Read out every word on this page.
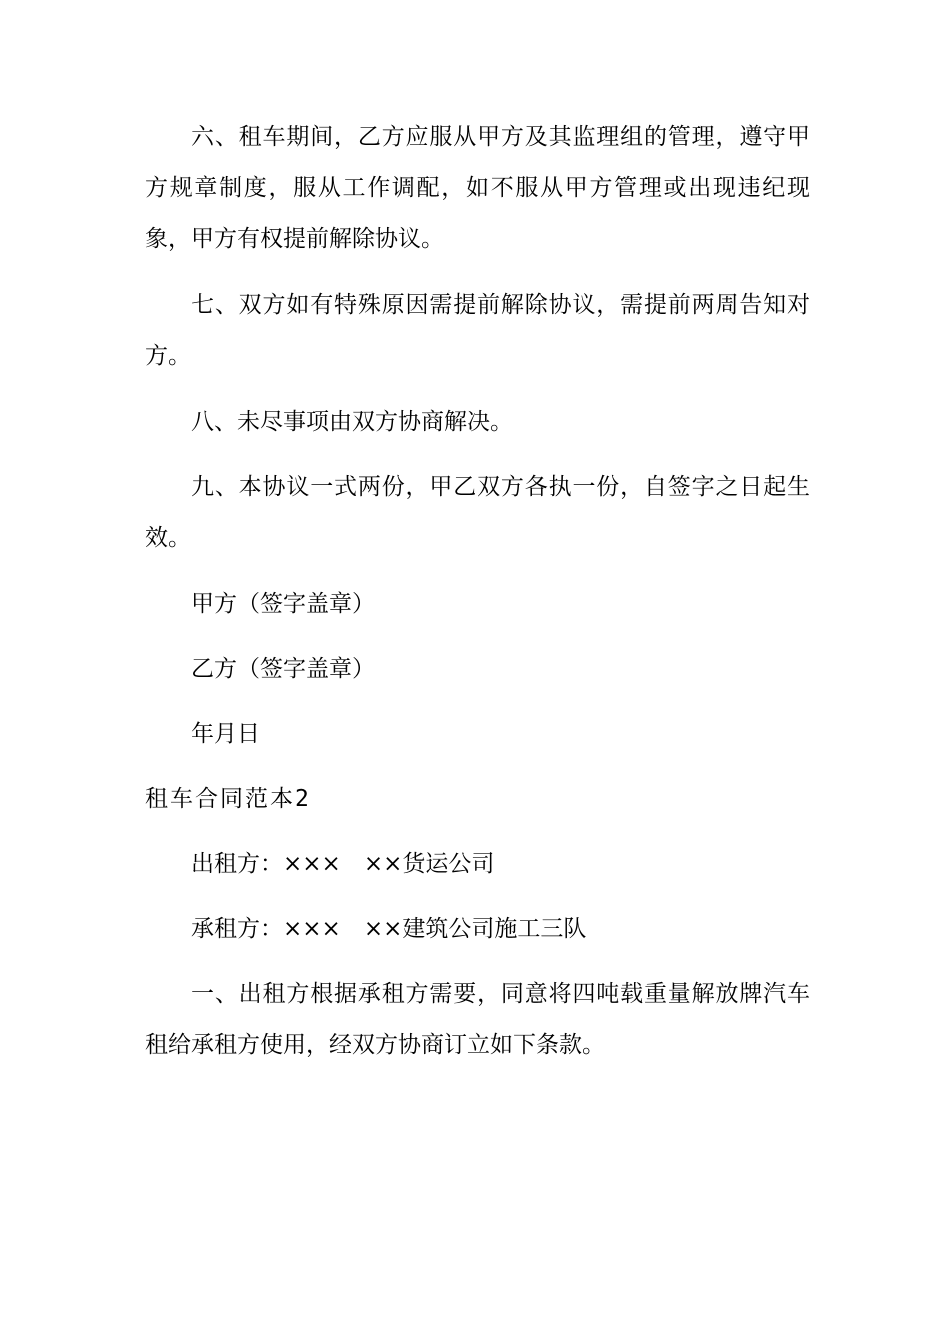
六、租车期间，乙方应服从甲方及其监理组的管理，遵守甲方规章制度，服从工作调配，如不服从甲方管理或出现违纪现象，甲方有权提前解除协议。

七、双方如有特殊原因需提前解除协议，需提前两周告知对方。

八、未尽事项由双方协商解决。

九、本协议一式两份，甲乙双方各执一份，自签字之日起生效。

甲方（签字盖章）

乙方（签字盖章）

年月日

租车合同范本2

出租方：×××　××货运公司

承租方：×××　××建筑公司施工三队

一、出租方根据承租方需要，同意将四吨载重量解放牌汽车租给承租方使用，经双方协商订立如下条款。
